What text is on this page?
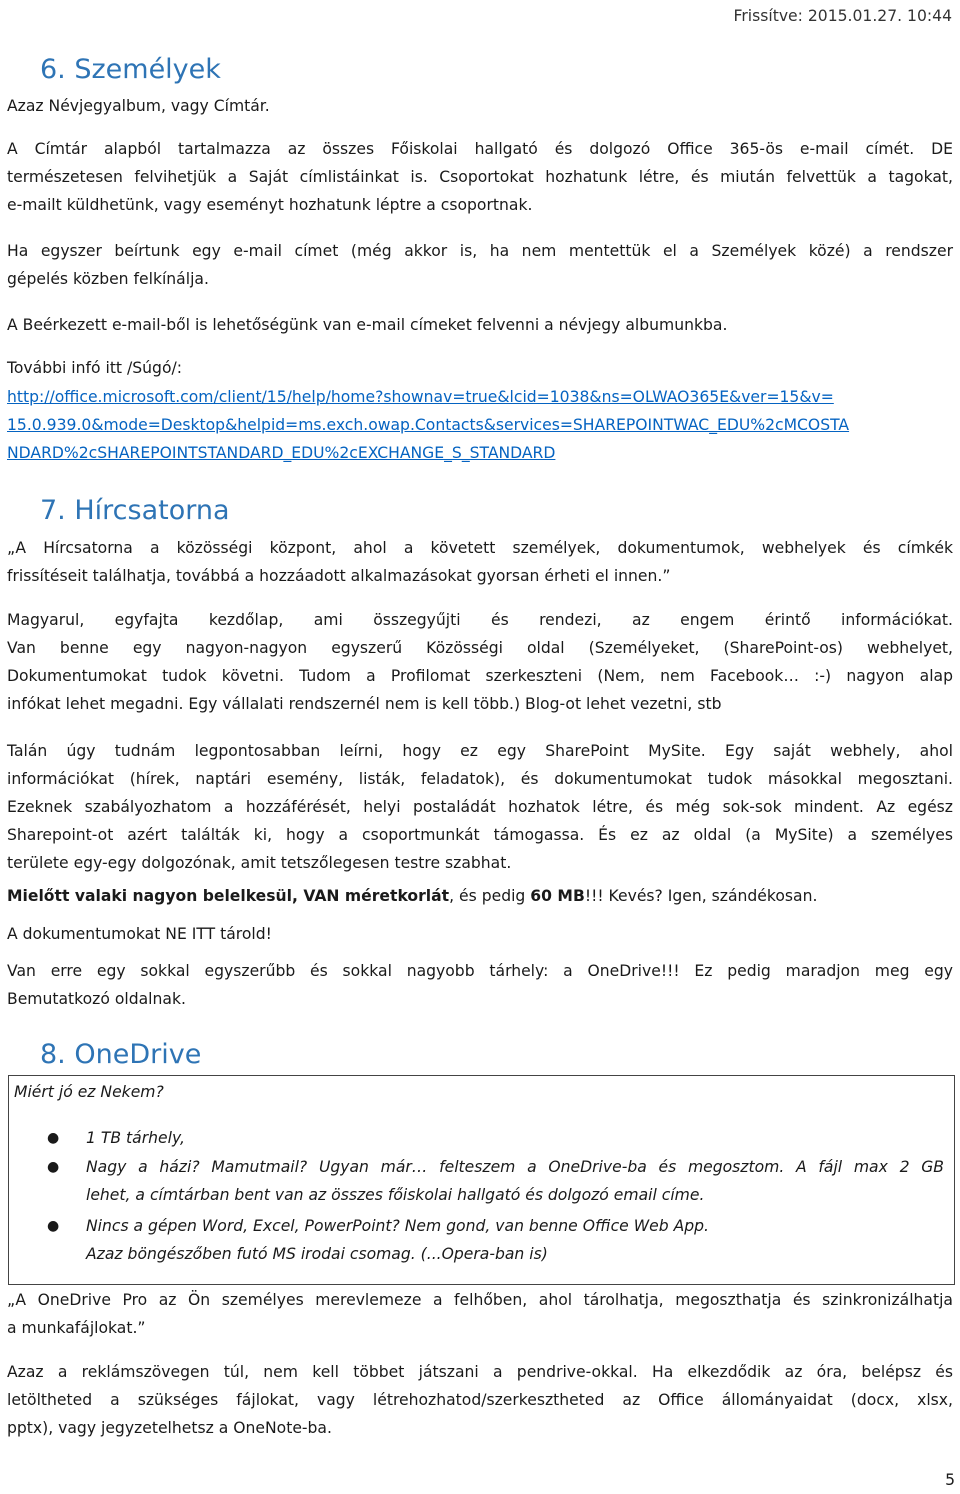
Frissítve: 2015.01.27. 10:44
6. Személyek
Azaz Névjegyalbum, vagy Címtár.
A Címtár alapból tartalmazza az összes Főiskolai hallgató és dolgozó Office 365-ös e-mail címét. DE
természetesen felvihetjük a Saját címlistáinkat is. Csoportokat hozhatunk létre, és miután felvettük a tagokat,
e-mailt küldhetünk, vagy eseményt hozhatunk léptre a csoportnak.
Ha egyszer beírtunk egy e-mail címet (még akkor is, ha nem mentettük el a Személyek közé) a rendszer
gépelés közben felkínálja.
A Beérkezett e-mail-ből is lehetőségünk van e-mail címeket felvenni a névjegy albumunkba.
További infó itt /Súgó/:
http://office.microsoft.com/client/15/help/home?shownav=true&lcid=1038&ns=OLWAO365E&ver=15&v=
15.0.939.0&mode=Desktop&helpid=ms.exch.owap.Contacts&services=SHAREPOINTWAC_EDU%2cMCOSTA
NDARD%2cSHAREPOINTSTANDARD_EDU%2cEXCHANGE_S_STANDARD
7. Hírcsatorna
„A Hírcsatorna a közösségi központ, ahol a követett személyek, dokumentumok, webhelyek és címkék
frissítéseit találhatja, továbbá a hozzáadott alkalmazásokat gyorsan érheti el innen.”
Magyarul, egyfajta kezdőlap, ami összegyűjti és rendezi, az engem érintő információkat.
Van benne egy nagyon-nagyon egyszerű Közösségi oldal (Személyeket, (SharePoint-os) webhelyet,
Dokumentumokat tudok követni. Tudom a Profilomat szerkeszteni (Nem, nem Facebook… :-) nagyon alap
infókat lehet megadni. Egy vállalati rendszernél nem is kell több.) Blog-ot lehet vezetni, stb
Talán úgy tudnám legpontosabban leírni, hogy ez egy SharePoint MySite. Egy saját webhely, ahol
információkat (hírek, naptári esemény, listák, feladatok), és dokumentumokat tudok másokkal megosztani.
Ezeknek szabályozhatom a hozzáférését, helyi postaládát hozhatok létre, és még sok-sok mindent. Az egész
Sharepoint-ot azért találták ki, hogy a csoportmunkát támogassa. És ez az oldal (a MySite) a személyes
területe egy-egy dolgozónak, amit tetszőlegesen testre szabhat.
Mielőtt valaki nagyon belelkesül, VAN méretkorlát, és pedig 60 MB!!! Kevés? Igen, szándékosan.
A dokumentumokat NE ITT tárold!
Van erre egy sokkal egyszerűbb és sokkal nagyobb tárhely: a OneDrive!!! Ez pedig maradjon meg egy
Bemutatkozó oldalnak.
8. OneDrive
Miért jó ez Nekem?
● 1 TB tárhely,
● Nagy a házi? Mamutmail? Ugyan már… felteszem a OneDrive-ba és megosztom. A fájl max 2 GB
lehet, a címtárban bent van az összes főiskolai hallgató és dolgozó email címe.
● Nincs a gépen Word, Excel, PowerPoint? Nem gond, van benne Office Web App.
Azaz böngészőben futó MS irodai csomag. (...Opera-ban is)
„A OneDrive Pro az Ön személyes merevlemeze a felhőben, ahol tárolhatja, megoszthatja és szinkronizálhatja
a munkafájlokat.”
Azaz a reklámszövegen túl, nem kell többet játszani a pendrive-okkal. Ha elkezdődik az óra, belépsz és
letöltheted a szükséges fájlokat, vagy létrehozhatod/szerkesztheted az Office állományaidat (docx, xlsx,
pptx), vagy jegyzetelhetsz a OneNote-ba.
5
